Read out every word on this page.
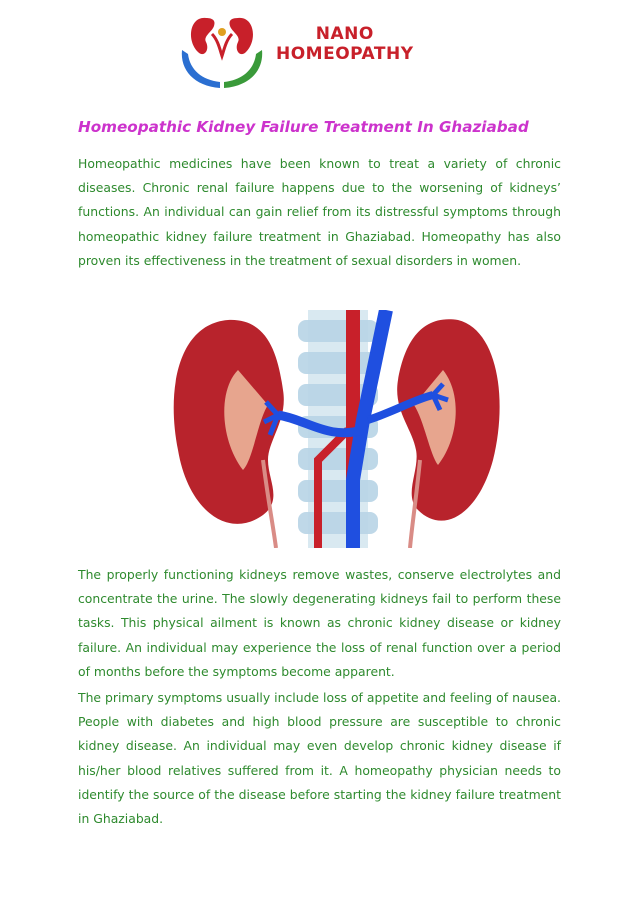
NANO
HOMEOPATHY
Homeopathic Kidney Failure Treatment In Ghaziabad

Homeopathic medicines have been known to treat a variety of chronic diseases. Chronic renal failure happens due to the worsening of kidneys’ functions. An individual can gain relief from its distressful symptoms through homeopathic kidney failure treatment in Ghaziabad. Homeopathy has also proven its effectiveness in the treatment of sexual disorders in women.

The properly functioning kidneys remove wastes, conserve electrolytes and concentrate the urine. The slowly degenerating kidneys fail to perform these tasks. This physical ailment is known as chronic kidney disease or kidney failure. An individual may experience the loss of renal function over a period of months before the symptoms become apparent.

The primary symptoms usually include loss of appetite and feeling of nausea. People with diabetes and high blood pressure are susceptible to chronic kidney disease. An individual may even develop chronic kidney disease if his/her blood relatives suffered from it. A homeopathy physician needs to identify the source of the disease before starting the kidney failure treatment in Ghaziabad.
